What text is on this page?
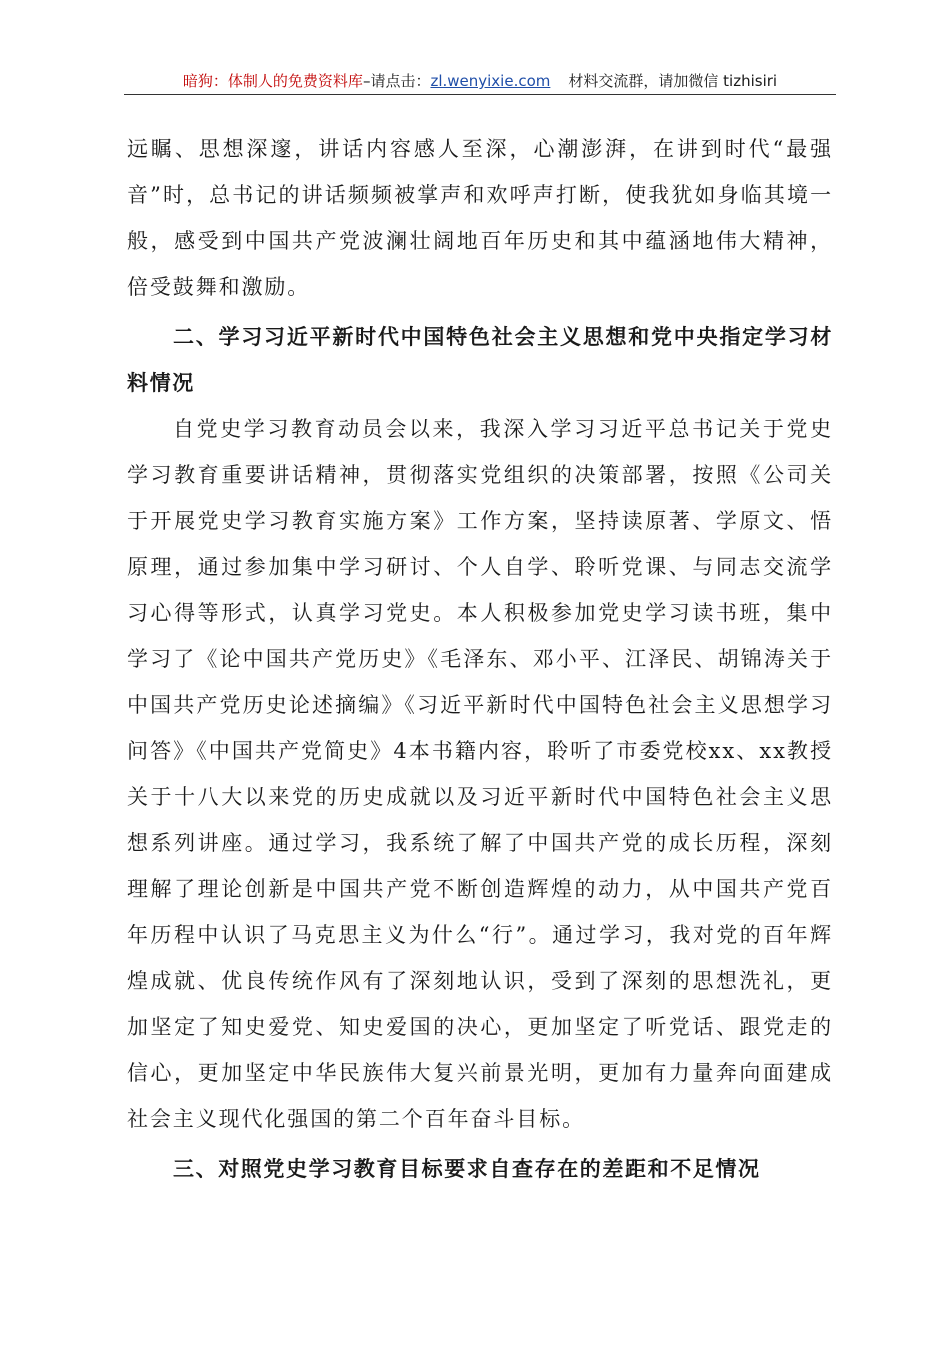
暗狗：体制人的免费资料库–请点击：zl.wenyixie.com 材料交流群，请加微信 tizhisiri

远瞩、思想深邃，讲话内容感人至深，心潮澎湃，在讲到时代“最强音”时，总书记的讲话频频被掌声和欢呼声打断，使我犹如身临其境一般，感受到中国共产党波澜壮阔地百年历史和其中蕴涵地伟大精神，倍受鼓舞和激励。

二、学习习近平新时代中国特色社会主义思想和党中央指定学习材料情况

自党史学习教育动员会以来，我深入学习习近平总书记关于党史学习教育重要讲话精神，贯彻落实党组织的决策部署，按照《公司关于开展党史学习教育实施方案》工作方案，坚持读原著、学原文、悟原理，通过参加集中学习研讨、个人自学、聆听党课、与同志交流学习心得等形式，认真学习党史。本人积极参加党史学习读书班，集中学习了《论中国共产党历史》《毛泽东、邓小平、江泽民、胡锦涛关于中国共产党历史论述摘编》《习近平新时代中国特色社会主义思想学习问答》《中国共产党简史》4本书籍内容，聆听了市委党校xx、xx教授关于十八大以来党的历史成就以及习近平新时代中国特色社会主义思想系列讲座。通过学习，我系统了解了中国共产党的成长历程，深刻理解了理论创新是中国共产党不断创造辉煌的动力，从中国共产党百年历程中认识了马克思主义为什么“行”。通过学习，我对党的百年辉煌成就、优良传统作风有了深刻地认识，受到了深刻的思想洗礼，更加坚定了知史爱党、知史爱国的决心，更加坚定了听党话、跟党走的信心，更加坚定中华民族伟大复兴前景光明，更加有力量奔向面建成社会主义现代化强国的第二个百年奋斗目标。

三、对照党史学习教育目标要求自查存在的差距和不足情况
